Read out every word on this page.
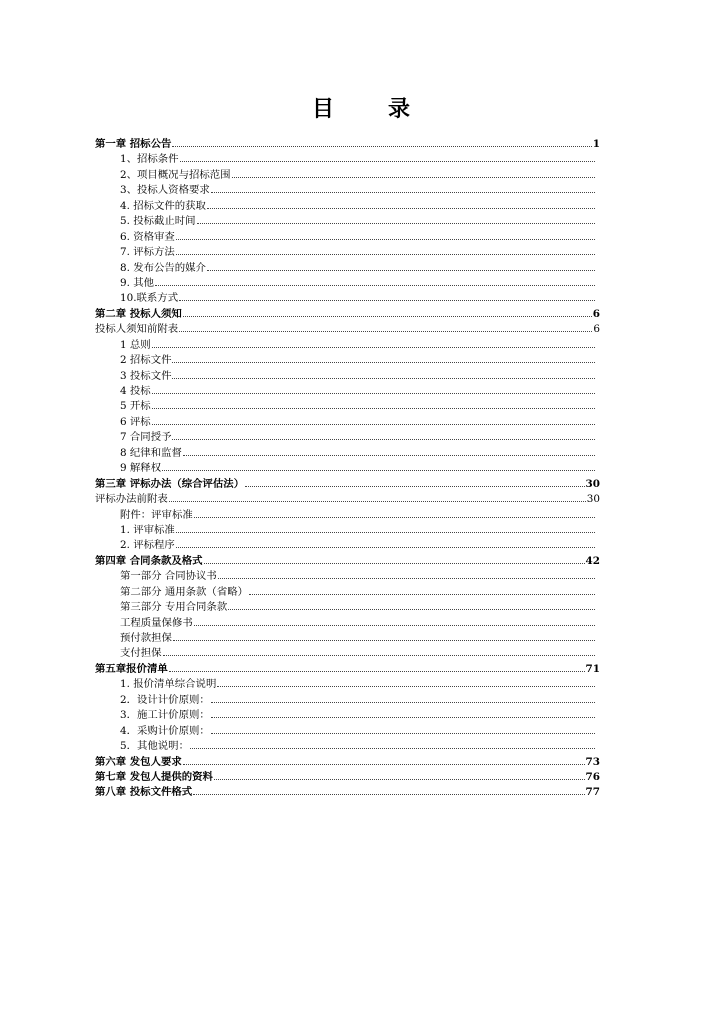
目 录
第一章 招标公告	1
1、招标条件
2、项目概况与招标范围
3、投标人资格要求
4. 招标文件的获取
5. 投标截止时间
6. 资格审查
7. 评标方法
8. 发布公告的媒介
9. 其他
10.联系方式
第二章 投标人须知	6
投标人须知前附表	6
1 总则
2 招标文件
3 投标文件
4 投标
5 开标
6 评标
7 合同授予
8 纪律和监督
9 解释权
第三章 评标办法（综合评估法）	30
评标办法前附表	30
附件：评审标准
1. 评审标准
2. 评标程序
第四章 合同条款及格式	42
第一部分 合同协议书
第二部分 通用条款（省略）
第三部分 专用合同条款
工程质量保修书
预付款担保
支付担保
第五章报价清单	71
1. 报价清单综合说明
2．设计计价原则：
3．施工计价原则：
4．采购计价原则：
5．其他说明：
第六章 发包人要求	73
第七章 发包人提供的资料	76
第八章 投标文件格式	77
